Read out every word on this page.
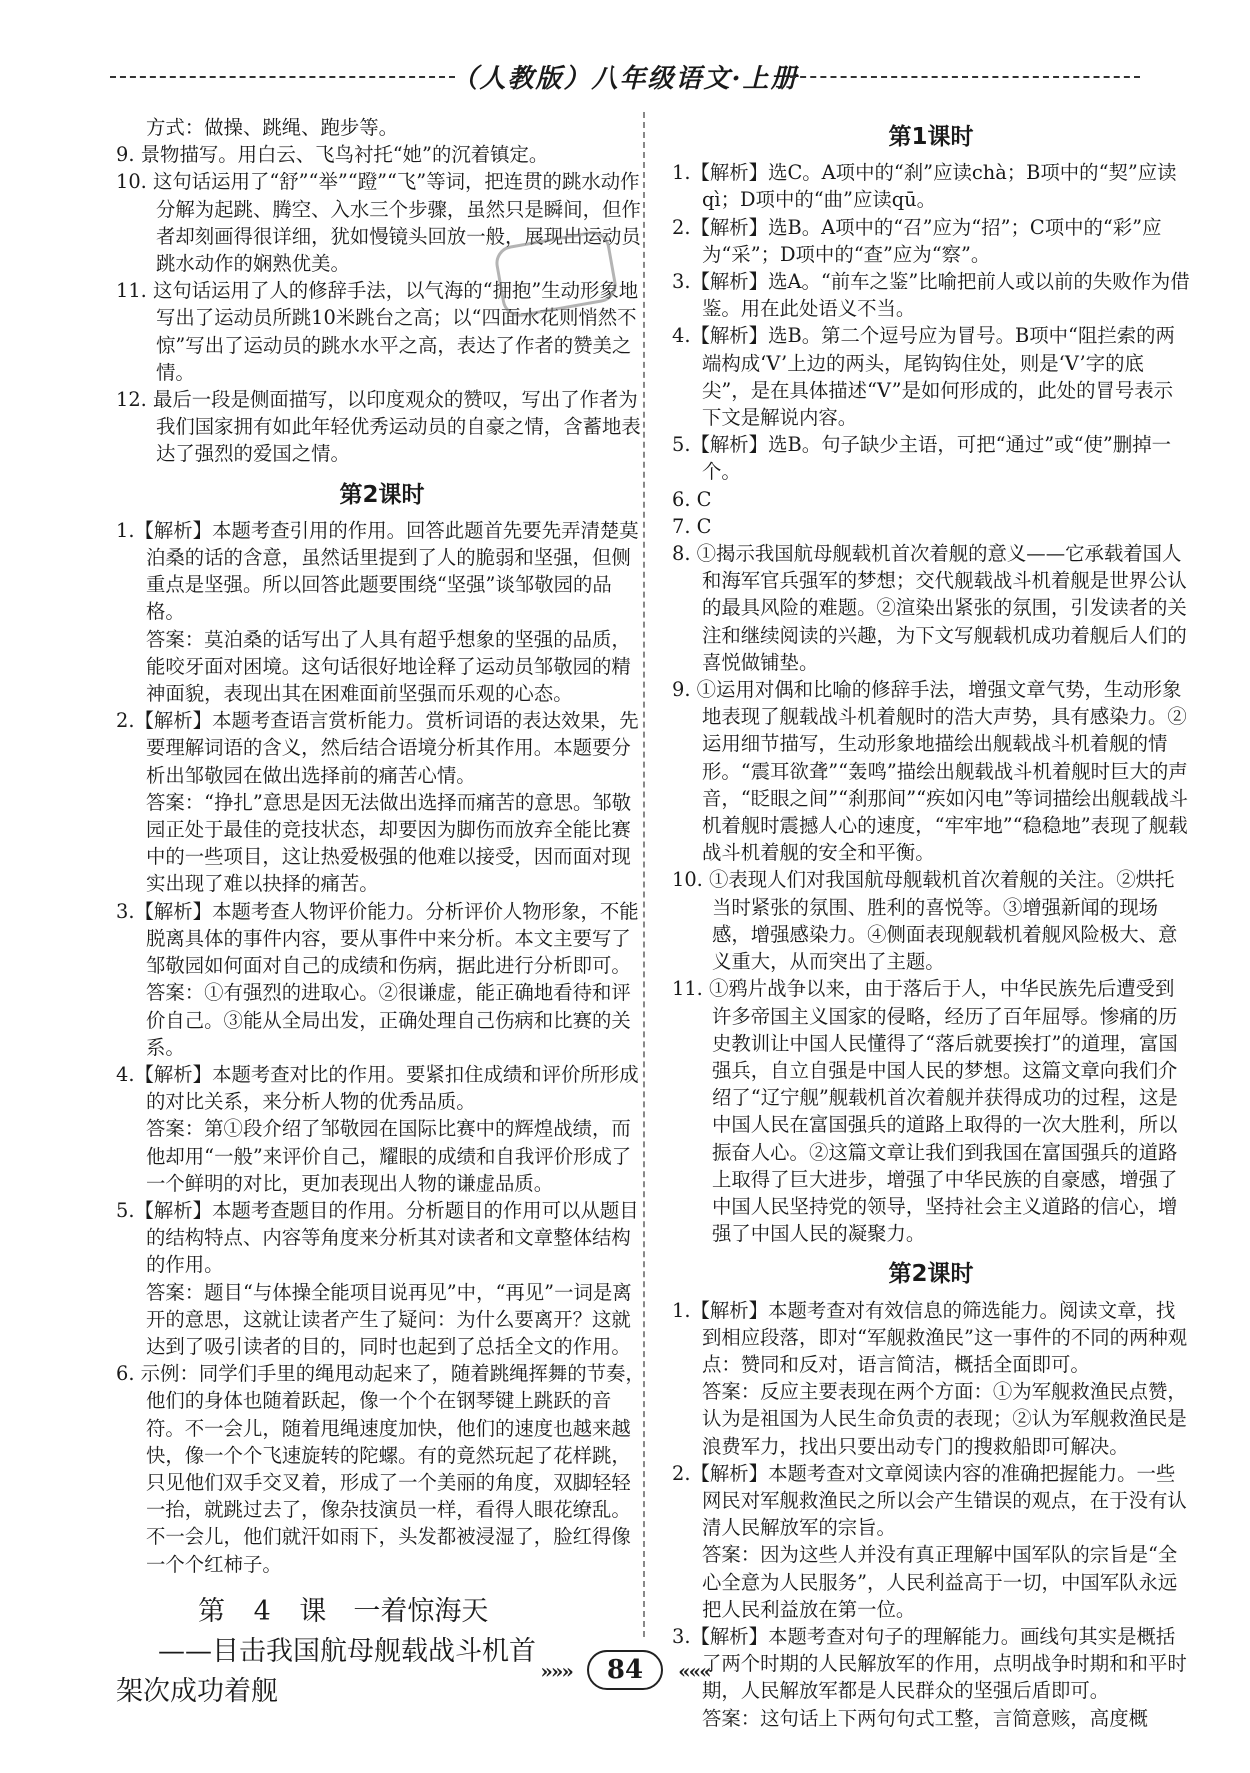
（人教版）八年级语文·上册

方式：做操、跳绳、跑步等。

9. 景物描写。用白云、飞鸟衬托“她”的沉着镇定。

10. 这句话运用了“舒”“举”“蹬”“飞”等词，把连贯的跳水动作分解为起跳、腾空、入水三个步骤，虽然只是瞬间，但作者却刻画得很详细，犹如慢镜头回放一般，展现出运动员跳水动作的娴熟优美。

11. 这句话运用了人的修辞手法，以气海的“拥抱”生动形象地写出了运动员所跳10米跳台之高；以“四面水花则悄然不惊”写出了运动员的跳水水平之高，表达了作者的赞美之情。

12. 最后一段是侧面描写，以印度观众的赞叹，写出了作者为我们国家拥有如此年轻优秀运动员的自豪之情，含蓄地表达了强烈的爱国之情。

第2课时

1.【解析】本题考查引用的作用。回答此题首先要先弄清楚莫泊桑的话的含意，虽然话里提到了人的脆弱和坚强，但侧重点是坚强。所以回答此题要围绕“坚强”谈邹敬园的品格。

答案：莫泊桑的话写出了人具有超乎想象的坚强的品质，能咬牙面对困境。这句话很好地诠释了运动员邹敬园的精神面貌，表现出其在困难面前坚强而乐观的心态。

2.【解析】本题考查语言赏析能力。赏析词语的表达效果，先要理解词语的含义，然后结合语境分析其作用。本题要分析出邹敬园在做出选择前的痛苦心情。

答案：“挣扎”意思是因无法做出选择而痛苦的意思。邹敬园正处于最佳的竞技状态，却要因为脚伤而放弃全能比赛中的一些项目，这让热爱极强的他难以接受，因而面对现实出现了难以抉择的痛苦。

3.【解析】本题考查人物评价能力。分析评价人物形象，不能脱离具体的事件内容，要从事件中来分析。本文主要写了邹敬园如何面对自己的成绩和伤病，据此进行分析即可。

答案：①有强烈的进取心。②很谦虚，能正确地看待和评价自己。③能从全局出发，正确处理自己伤病和比赛的关系。

4.【解析】本题考查对比的作用。要紧扣住成绩和评价所形成的对比关系，来分析人物的优秀品质。

答案：第①段介绍了邹敬园在国际比赛中的辉煌战绩，而他却用“一般”来评价自己，耀眼的成绩和自我评价形成了一个鲜明的对比，更加表现出人物的谦虚品质。

5.【解析】本题考查题目的作用。分析题目的作用可以从题目的结构特点、内容等角度来分析其对读者和文章整体结构的作用。

答案：题目“与体操全能项目说再见”中，“再见”一词是离开的意思，这就让读者产生了疑问：为什么要离开？这就达到了吸引读者的目的，同时也起到了总括全文的作用。

6. 示例：同学们手里的绳甩动起来了，随着跳绳挥舞的节奏，他们的身体也随着跃起，像一个个在钢琴键上跳跃的音符。不一会儿，随着甩绳速度加快，他们的速度也越来越快，像一个个飞速旋转的陀螺。有的竟然玩起了花样跳，只见他们双手交叉着，形成了一个美丽的角度，双脚轻轻一抬，就跳过去了，像杂技演员一样，看得人眼花缭乱。不一会儿，他们就汗如雨下，头发都被浸湿了，脸红得像一个个红柿子。

第 4 课　一着惊海天
——目击我国航母舰载战斗机首
架次成功着舰
第1课时

1.【解析】选C。A项中的“刹”应读chà；B项中的“契”应读qì；D项中的“曲”应读qū。

2.【解析】选B。A项中的“召”应为“招”；C项中的“彩”应为“采”；D项中的“查”应为“察”。

3.【解析】选A。“前车之鉴”比喻把前人或以前的失败作为借鉴。用在此处语义不当。

4.【解析】选B。第二个逗号应为冒号。B项中“阻拦索的两端构成‘V’上边的两头，尾钩钩住处，则是‘V’字的底尖”，是在具体描述“V”是如何形成的，此处的冒号表示下文是解说内容。

5.【解析】选B。句子缺少主语，可把“通过”或“使”删掉一个。

6. C

7. C

8. ①揭示我国航母舰载机首次着舰的意义——它承载着国人和海军官兵强军的梦想；交代舰载战斗机着舰是世界公认的最具风险的难题。②渲染出紧张的氛围，引发读者的关注和继续阅读的兴趣，为下文写舰载机成功着舰后人们的喜悦做铺垫。

9. ①运用对偶和比喻的修辞手法，增强文章气势，生动形象地表现了舰载战斗机着舰时的浩大声势，具有感染力。②运用细节描写，生动形象地描绘出舰载战斗机着舰的情形。“震耳欲聋”“轰鸣”描绘出舰载战斗机着舰时巨大的声音，“眨眼之间”“刹那间”“疾如闪电”等词描绘出舰载战斗机着舰时震撼人心的速度，“牢牢地”“稳稳地”表现了舰载战斗机着舰的安全和平衡。

10. ①表现人们对我国航母舰载机首次着舰的关注。②烘托当时紧张的氛围、胜利的喜悦等。③增强新闻的现场感，增强感染力。④侧面表现舰载机着舰风险极大、意义重大，从而突出了主题。

11. ①鸦片战争以来，由于落后于人，中华民族先后遭受到许多帝国主义国家的侵略，经历了百年屈辱。惨痛的历史教训让中国人民懂得了“落后就要挨打”的道理，富国强兵，自立自强是中国人民的梦想。这篇文章向我们介绍了“辽宁舰”舰载机首次着舰并获得成功的过程，这是中国人民在富国强兵的道路上取得的一次大胜利，所以振奋人心。②这篇文章让我们到我国在富国强兵的道路上取得了巨大进步，增强了中华民族的自豪感，增强了中国人民坚持党的领导，坚持社会主义道路的信心，增强了中国人民的凝聚力。

第2课时

1.【解析】本题考查对有效信息的筛选能力。阅读文章，找到相应段落，即对“军舰救渔民”这一事件的不同的两种观点：赞同和反对，语言简洁，概括全面即可。

答案：反应主要表现在两个方面：①为军舰救渔民点赞，认为是祖国为人民生命负责的表现；②认为军舰救渔民是浪费军力，找出只要出动专门的搜救船即可解决。

2.【解析】本题考查对文章阅读内容的准确把握能力。一些网民对军舰救渔民之所以会产生错误的观点，在于没有认清人民解放军的宗旨。

答案：因为这些人并没有真正理解中国军队的宗旨是“全心全意为人民服务”，人民利益高于一切，中国军队永远把人民利益放在第一位。

3.【解析】本题考查对句子的理解能力。画线句其实是概括了两个时期的人民解放军的作用，点明战争时期和和平时期，人民解放军都是人民群众的坚强后盾即可。

答案：这句话上下两句句式工整，言简意赅，高度概

»»» 84 «««
